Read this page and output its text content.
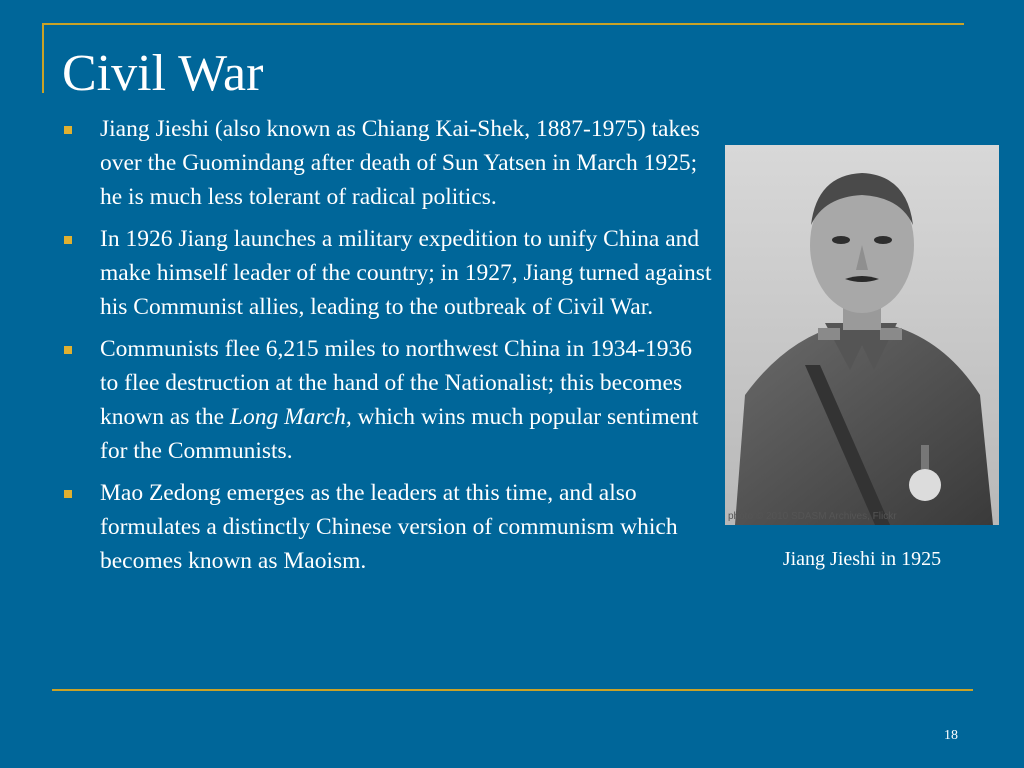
Civil War
Jiang Jieshi (also known as Chiang Kai-Shek, 1887-1975) takes over the Guomindang after death of Sun Yatsen in March 1925; he is much less tolerant of radical politics.
In 1926 Jiang launches a military expedition to unify China and make himself leader of the country; in 1927, Jiang turned against his Communist allies, leading to the outbreak of Civil War.
Communists flee 6,215 miles to northwest China in 1934-1936 to flee destruction at the hand of the Nationalist; this becomes known as the Long March, which wins much popular sentiment for the Communists.
Mao Zedong emerges as the leaders at this time, and also formulates a distinctly Chinese version of communism which becomes known as Maoism.
photo © 2010 SDASM Archives, Flickr
Jiang Jieshi in 1925
18
